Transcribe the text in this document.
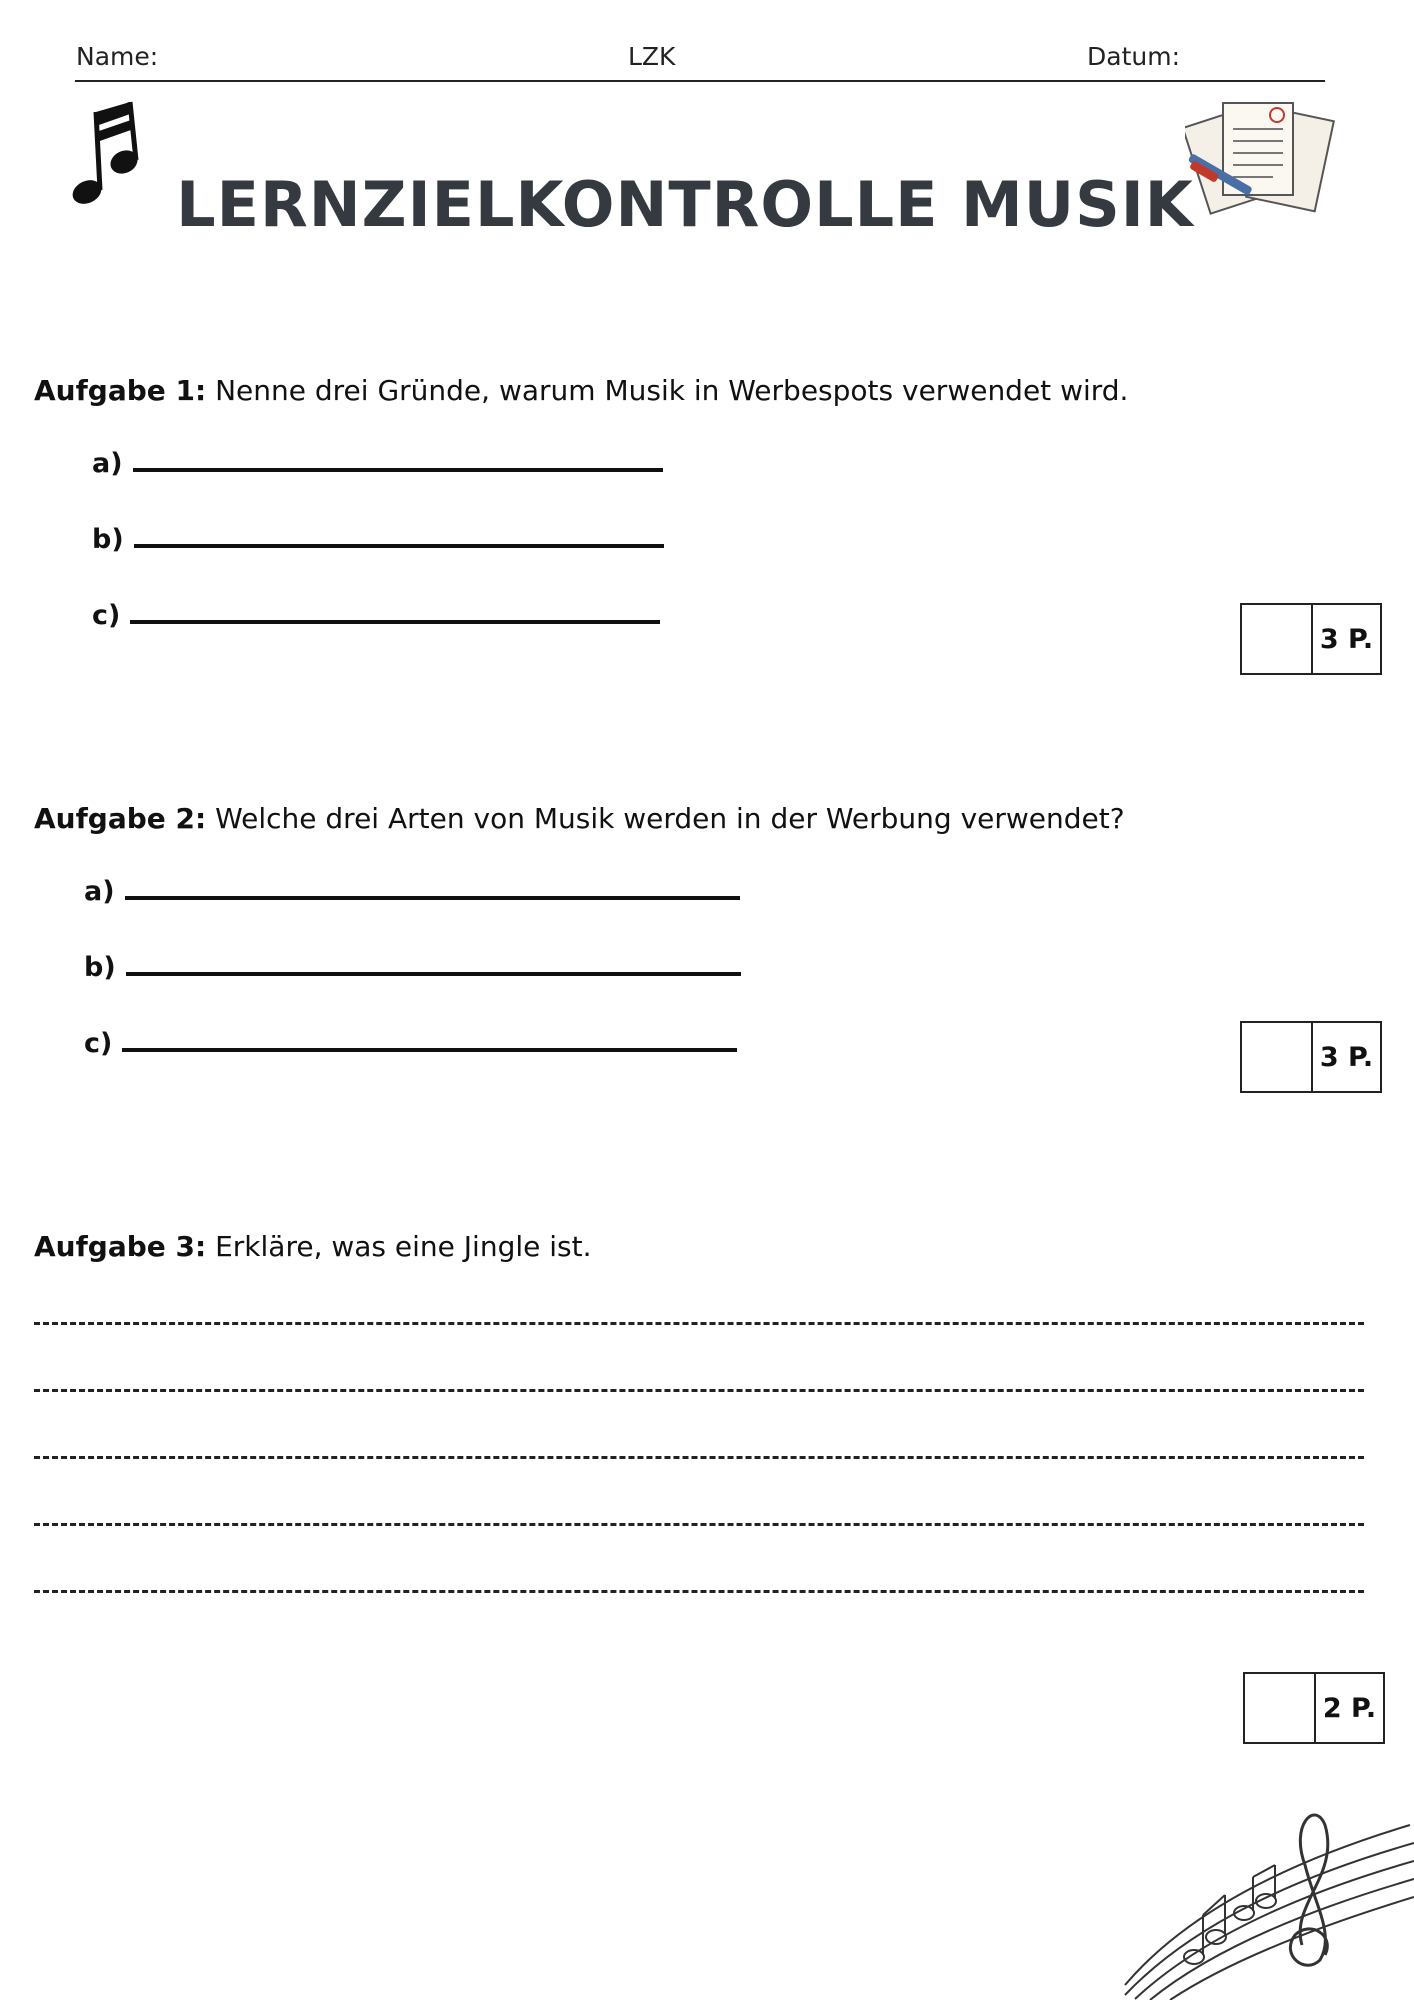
Name:	LZK	Datum:
LERNZIELKONTROLLE MUSIK
Aufgabe 1: Nenne drei Gründe, warum Musik in Werbespots verwendet wird.
a)
b)
c)
3 P.
Aufgabe 2: Welche drei Arten von Musik werden in der Werbung verwendet?
a)
b)
c)	3 P.
Aufgabe 3: Erkläre, was eine Jingle ist.
2 P.
